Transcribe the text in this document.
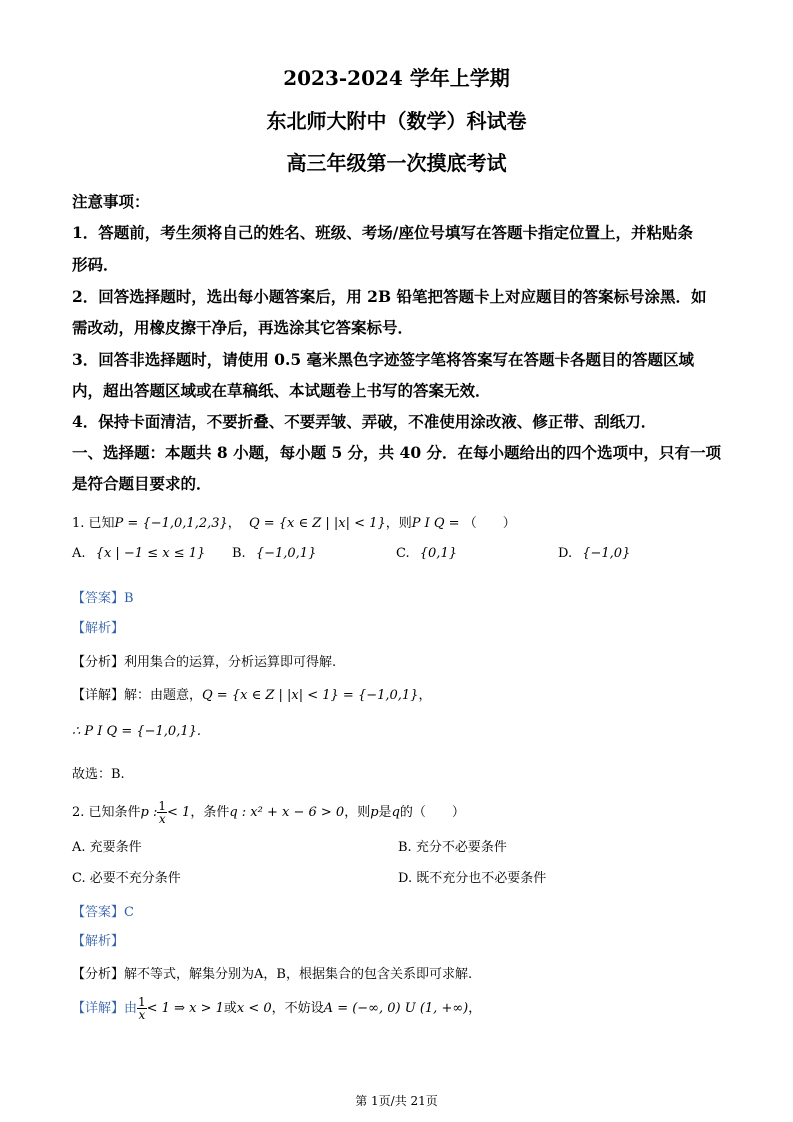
2023-2024 学年上学期
东北师大附中（数学）科试卷
高三年级第一次摸底考试
注意事项：
1．答题前，考生须将自己的姓名、班级、考场/座位号填写在答题卡指定位置上，并粘贴条
形码．
2．回答选择题时，选出每小题答案后，用 2B 铅笔把答题卡上对应题目的答案标号涂黑．如
需改动，用橡皮擦干净后，再选涂其它答案标号．
3．回答非选择题时，请使用 0.5 毫米黑色字迹签字笔将答案写在答题卡各题目的答题区域
内，超出答题区域或在草稿纸、本试题卷上书写的答案无效．
4．保持卡面清洁，不要折叠、不要弄皱、弄破，不准使用涂改液、修正带、刮纸刀．
一、选择题：本题共 8 小题，每小题 5 分，共 40 分．在每小题给出的四个选项中，只有一项
是符合题目要求的．
1. 已知P = {−1,0,1,2,3}， Q = {x ∈ Z | |x| < 1}，则P I Q = （　　）
A. {x | −1 ≤ x ≤ 1} B. {−1,0,1}	C. {0,1}	D. {−1,0}
【答案】B
【解析】
【分析】利用集合的运算，分析运算即可得解.
【详解】解：由题意，Q = {x ∈ Z | |x| < 1} = {−1,0,1}，
∴ P I Q = {−1,0,1}.
故选：B.
2. 已知条件p : $\frac{1}{x} < 1$，条件q : x² + x − 6 > 0，则p是q的（　　）
A. 充要条件	B. 充分不必要条件
C. 必要不充分条件	D. 既不充分也不必要条件
【答案】C
【解析】
【分析】解不等式，解集分别为A，B，根据集合的包含关系即可求解.
【详解】由 $\frac{1}{x} < 1$ ⇒ x > 1或x < 0，不妨设A = (−∞, 0) U (1, +∞)，
第 1页/共 21页
